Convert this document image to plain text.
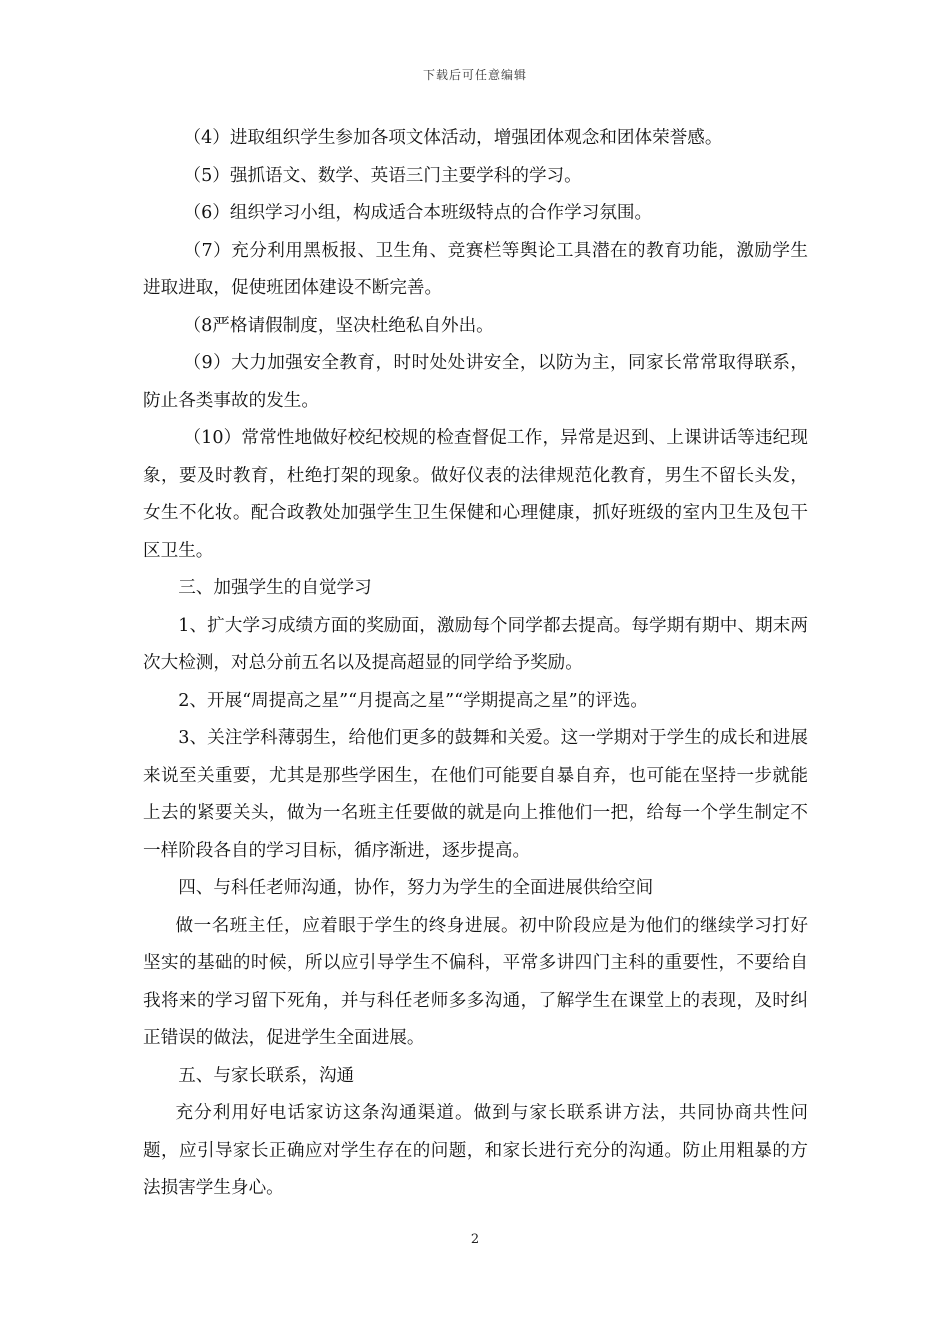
下载后可任意编辑

（4）进取组织学生参加各项文体活动，增强团体观念和团体荣誉感。

（5）强抓语文、数学、英语三门主要学科的学习。

（6）组织学习小组，构成适合本班级特点的合作学习氛围。

（7）充分利用黑板报、卫生角、竞赛栏等舆论工具潜在的教育功能，激励学生进取进取，促使班团体建设不断完善。

（8严格请假制度，坚决杜绝私自外出。

（9）大力加强安全教育，时时处处讲安全，以防为主，同家长常常取得联系，防止各类事故的发生。

（10）常常性地做好校纪校规的检查督促工作，异常是迟到、上课讲话等违纪现象，要及时教育，杜绝打架的现象。做好仪表的法律规范化教育，男生不留长头发，女生不化妆。配合政教处加强学生卫生保健和心理健康，抓好班级的室内卫生及包干区卫生。

三、加强学生的自觉学习

1、扩大学习成绩方面的奖励面，激励每个同学都去提高。每学期有期中、期末两次大检测，对总分前五名以及提高超显的同学给予奖励。

2、开展“周提高之星”“月提高之星”“学期提高之星”的评选。

3、关注学科薄弱生，给他们更多的鼓舞和关爱。这一学期对于学生的成长和进展来说至关重要，尤其是那些学困生，在他们可能要自暴自弃，也可能在坚持一步就能上去的紧要关头，做为一名班主任要做的就是向上推他们一把，给每一个学生制定不一样阶段各自的学习目标，循序渐进，逐步提高。

四、与科任老师沟通，协作，努力为学生的全面进展供给空间

做一名班主任，应着眼于学生的终身进展。初中阶段应是为他们的继续学习打好坚实的基础的时候，所以应引导学生不偏科，平常多讲四门主科的重要性，不要给自我将来的学习留下死角，并与科任老师多多沟通，了解学生在课堂上的表现，及时纠正错误的做法，促进学生全面进展。

五、与家长联系，沟通

充分利用好电话家访这条沟通渠道。做到与家长联系讲方法，共同协商共性问题，应引导家长正确应对学生存在的问题，和家长进行充分的沟通。防止用粗暴的方法损害学生身心。

2
